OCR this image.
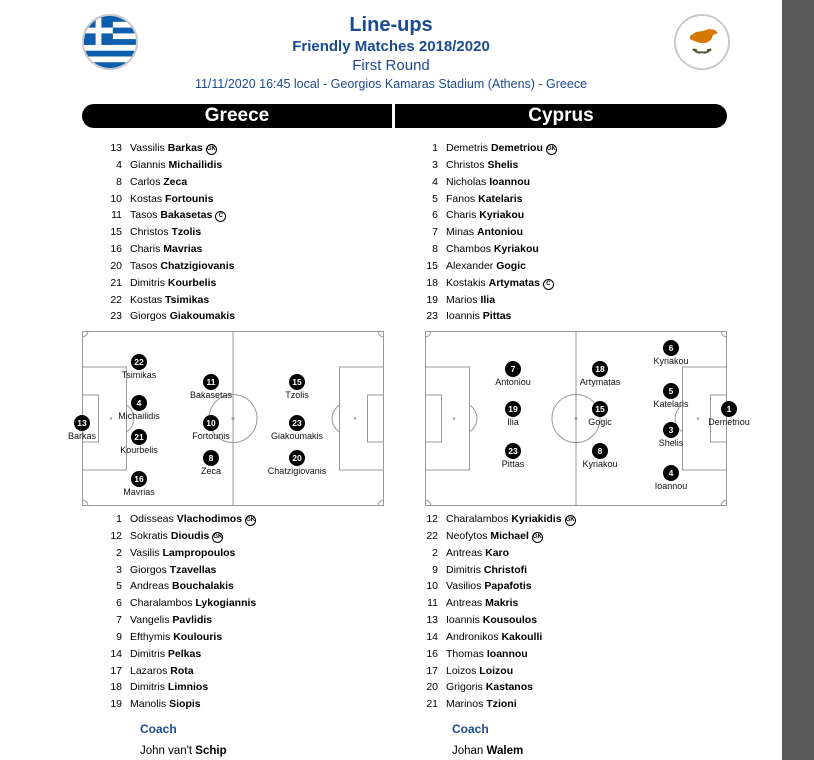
Line-ups
Friendly Matches 2018/2020
First Round
11/11/2020 16:45 local - Georgios Kamaras Stadium (Athens) - Greece
Greece	Cyprus
13 Vassilis Barkas GK
4 Giannis Michailidis
8 Carlos Zeca
10 Kostas Fortounis
11 Tasos Bakasetas C
15 Christos Tzolis
16 Charis Mavrias
20 Tasos Chatzigiovanis
21 Dimitris Kourbelis
22 Kostas Tsimikas
23 Giorgos Giakoumakis
1 Demetris Demetriou GK
3 Christos Shelis
4 Nicholas Ioannou
5 Fanos Katelaris
6 Charis Kyriakou
7 Minas Antoniou
8 Chambos Kyriakou
15 Alexander Gogic
18 Kostakis Artymatas C
19 Marios Ilia
23 Ioannis Pittas
13
Barkas
22
Tsimikas
4
Michailidis
21
Kourbelis
16
Mavrias
11
Bakasetas
10
Fortounis
8
Zeca
15
Tzolis
23
Giakoumakis
20
Chatzigiovanis
7
Antoniou
19
Ilia
23
Pittas
18
Artymatas
15
Gogic
8
Kyriakou
6
Kyriakou
5
Katelaris
3
Shelis
4
Ioannou
1
Demetriou
1 Odisseas Vlachodimos GK
12 Sokratis Dioudis GK
2 Vasilis Lampropoulos
3 Giorgos Tzavellas
5 Andreas Bouchalakis
6 Charalambos Lykogiannis
7 Vangelis Pavlidis
9 Efthymis Koulouris
14 Dimitris Pelkas
17 Lazaros Rota
18 Dimitris Limnios
19 Manolis Siopis
12 Charalambos Kyriakidis GK
22 Neofytos Michael GK
2 Antreas Karo
9 Dimitris Christofi
10 Vasilios Papafotis
11 Antreas Makris
13 Ioannis Kousoulos
14 Andronikos Kakoulli
16 Thomas Ioannou
17 Loizos Loizou
20 Grigoris Kastanos
21 Marinos Tzioni
Coach	Coach
John van't Schip	Johan Walem
